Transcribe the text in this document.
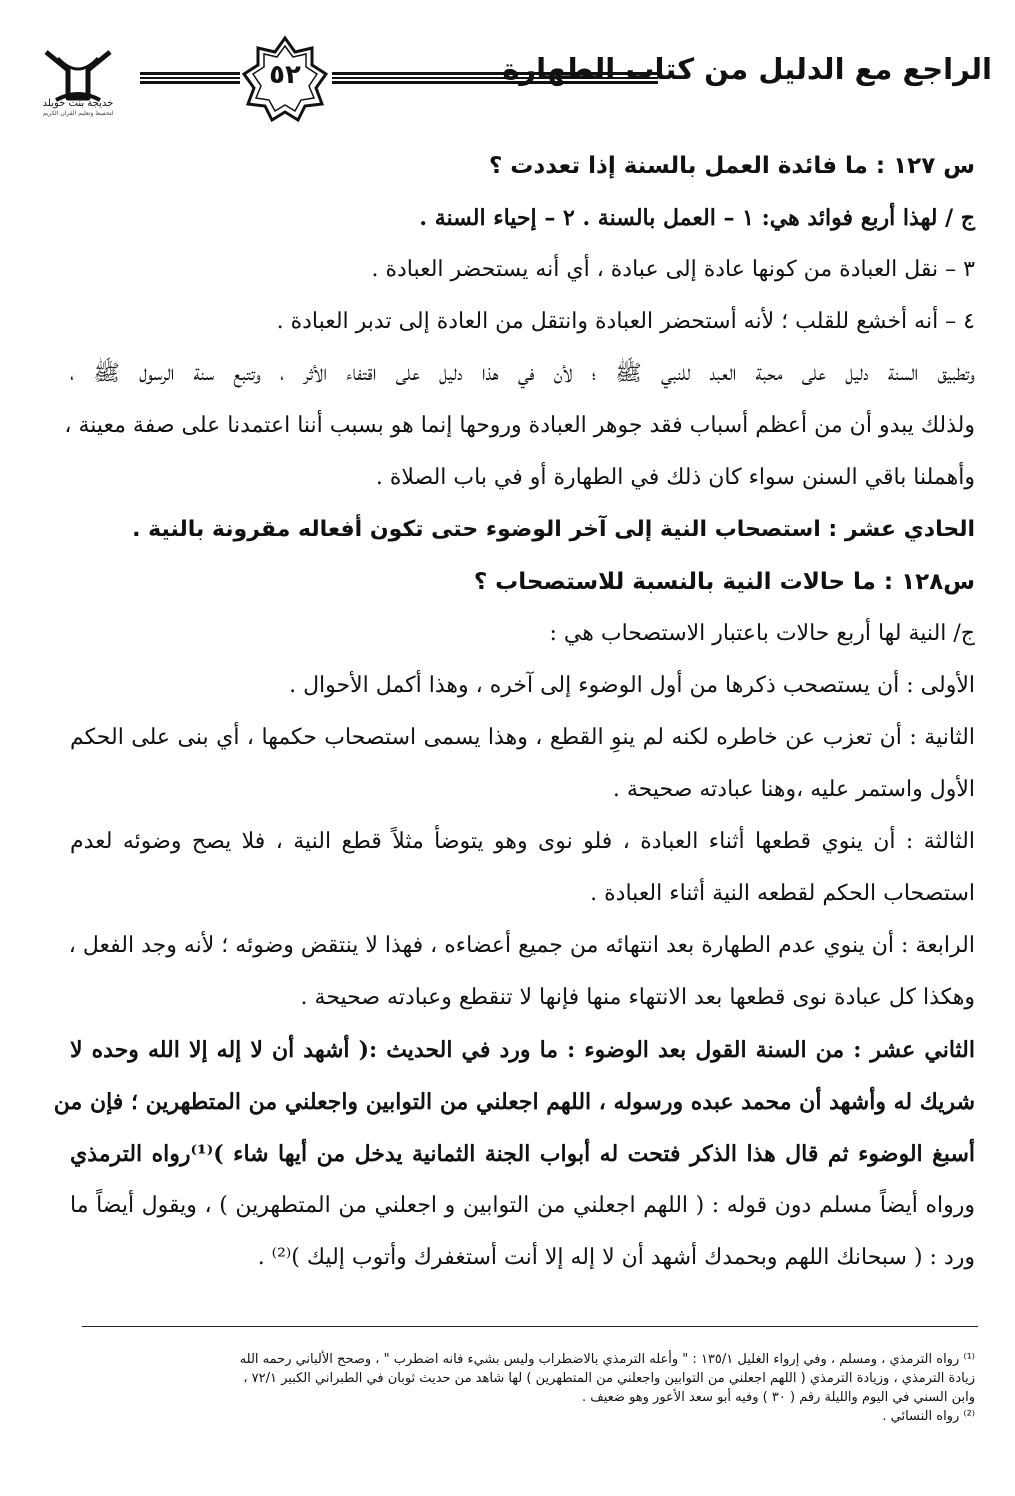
خديجة بنت خويلد
لتحفيظ وتعليم القرآن الكريم
٥٢	الراجع مع الدليل من كتاب الطهارة
س ١٢٧ : ما فائدة العمل بالسنة إذا تعددت ؟
ج / لهذا أربع فوائد هي: ١ – العمل بالسنة . ٢ – إحياء السنة .
٣ – نقل العبادة من كونها عادة إلى عبادة ، أي أنه يستحضر العبادة .
٤ – أنه أخشع للقلب ؛ لأنه أستحضر العبادة وانتقل من العادة إلى تدبر العبادة .
وتطبيق السنة دليل على محبة العبد للنبي ﷺ ؛ لأن في هذا دليل على اقتفاء الأثر ، وتتبع سنة الرسول ﷺ ،
ولذلك يبدو أن من أعظم أسباب فقد جوهر العبادة وروحها إنما هو بسبب أننا اعتمدنا على صفة معينة ،
وأهملنا باقي السنن سواء كان ذلك في الطهارة أو في باب الصلاة .
الحادي عشر : استصحاب النية إلى آخر الوضوء حتى تكون أفعاله مقرونة بالنية .
س١٢٨ : ما حالات النية بالنسبة للاستصحاب ؟
ج/ النية لها أربع حالات باعتبار الاستصحاب هي :
الأولى : أن يستصحب ذكرها من أول الوضوء إلى آخره ، وهذا أكمل الأحوال .
الثانية : أن تعزب عن خاطره لكنه لم ينوِ القطع ، وهذا يسمى استصحاب حكمها ، أي بنى على الحكم
الأول واستمر عليه ،وهنا عبادته صحيحة .
الثالثة : أن ينوي قطعها أثناء العبادة ، فلو نوى وهو يتوضأ مثلاً قطع النية ، فلا يصح وضوئه لعدم
استصحاب الحكم لقطعه النية أثناء العبادة .
الرابعة : أن ينوي عدم الطهارة بعد انتهائه من جميع أعضاءه ، فهذا لا ينتقض وضوئه ؛ لأنه وجد الفعل ،
وهكذا كل عبادة نوى قطعها بعد الانتهاء منها فإنها لا تنقطع وعبادته صحيحة .
الثاني عشر : من السنة القول بعد الوضوء : ما ورد في الحديث :( أشهد أن لا إله إلا الله وحده لا
شريك له وأشهد أن محمد عبده ورسوله ، اللهم اجعلني من التوابين واجعلني من المتطهرين ؛ فإن من
أسبغ الوضوء ثم قال هذا الذكر فتحت له أبواب الجنة الثمانية يدخل من أيها شاء )⁽¹⁾رواه الترمذي
ورواه أيضاً مسلم دون قوله : ( اللهم اجعلني من التوابين و اجعلني من المتطهرين ) ، ويقول أيضاً ما
ورد : ( سبحانك اللهم وبحمدك أشهد أن لا إله إلا أنت أستغفرك وأتوب إليك )⁽²⁾ .
⁽¹⁾ رواه الترمذي ، ومسلم ، وفي إرواء الغليل ١٣٥/١ : " وأعله الترمذي بالاضطراب وليس بشيء فانه اضطرب " ، وصحح الألباني رحمه الله
زيادة الترمذي ، وزيادة الترمذي ( اللهم اجعلني من التوابين واجعلني من المتطهرين ) لها شاهد من حديث ثوبان في الطبراني الكبير ٧٢/١ ،
وابن السني في اليوم والليلة رقم ( ٣٠ ) وفيه أبو سعد الأعور وهو ضعيف .
⁽²⁾ رواه النسائي .
